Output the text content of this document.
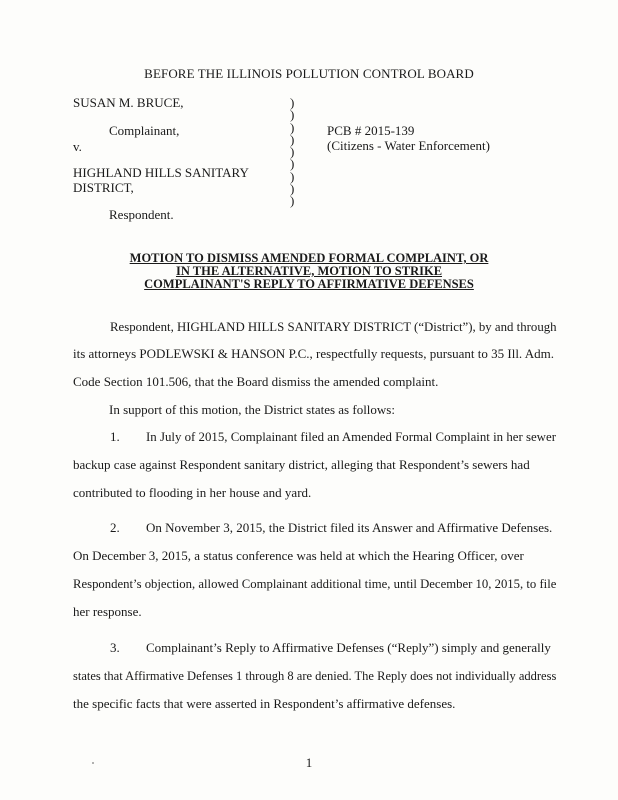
BEFORE THE ILLINOIS POLLUTION CONTROL BOARD
SUSAN M. BRUCE,
Complainant,
v.
HIGHLAND HILLS SANITARY
DISTRICT,
Respondent.
)
)
)
)
)
)
)
)
)
PCB # 2015-139
(Citizens - Water Enforcement)
MOTION TO DISMISS AMENDED FORMAL COMPLAINT, OR
IN THE ALTERNATIVE, MOTION TO STRIKE
COMPLAINANT'S REPLY TO AFFIRMATIVE DEFENSES
Respondent, HIGHLAND HILLS SANITARY DISTRICT (“District”), by and through
its attorneys PODLEWSKI & HANSON P.C., respectfully requests, pursuant to 35 Ill. Adm.
Code Section 101.506, that the Board dismiss the amended complaint.
In support of this motion, the District states as follows:
1. In July of 2015, Complainant filed an Amended Formal Complaint in her sewer
backup case against Respondent sanitary district, alleging that Respondent’s sewers had
contributed to flooding in her house and yard.
2. On November 3, 2015, the District filed its Answer and Affirmative Defenses.
On December 3, 2015, a status conference was held at which the Hearing Officer, over
Respondent’s objection, allowed Complainant additional time, until December 10, 2015, to file
her response.
3. Complainant’s Reply to Affirmative Defenses (“Reply”) simply and generally
states that Affirmative Defenses 1 through 8 are denied. The Reply does not individually address
the specific facts that were asserted in Respondent’s affirmative defenses.
1
